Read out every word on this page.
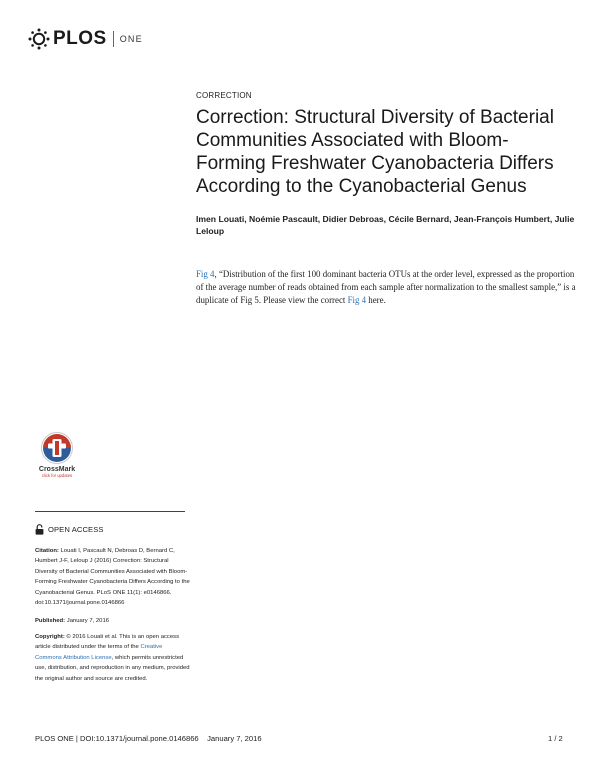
PLOS ONE
CORRECTION
Correction: Structural Diversity of Bacterial Communities Associated with Bloom-Forming Freshwater Cyanobacteria Differs According to the Cyanobacterial Genus
Imen Louati, Noémie Pascault, Didier Debroas, Cécile Bernard, Jean-François Humbert, Julie Leloup
Fig 4, “Distribution of the first 100 dominant bacteria OTUs at the order level, expressed as the proportion of the average number of reads obtained from each sample after normalization to the smallest sample,” is a duplicate of Fig 5. Please view the correct Fig 4 here.
CrossMark
click for updates
OPEN ACCESS
Citation: Louati I, Pascault N, Debroas D, Bernard C, Humbert J-F, Leloup J (2016) Correction: Structural Diversity of Bacterial Communities Associated with Bloom-Forming Freshwater Cyanobacteria Differs According to the Cyanobacterial Genus. PLoS ONE 11(1): e0146866. doi:10.1371/journal.pone.0146866
Published: January 7, 2016
Copyright: © 2016 Louati et al. This is an open access article distributed under the terms of the Creative Commons Attribution License, which permits unrestricted use, distribution, and reproduction in any medium, provided the original author and source are credited.
PLOS ONE | DOI:10.1371/journal.pone.0146866    January 7, 2016	1 / 2
